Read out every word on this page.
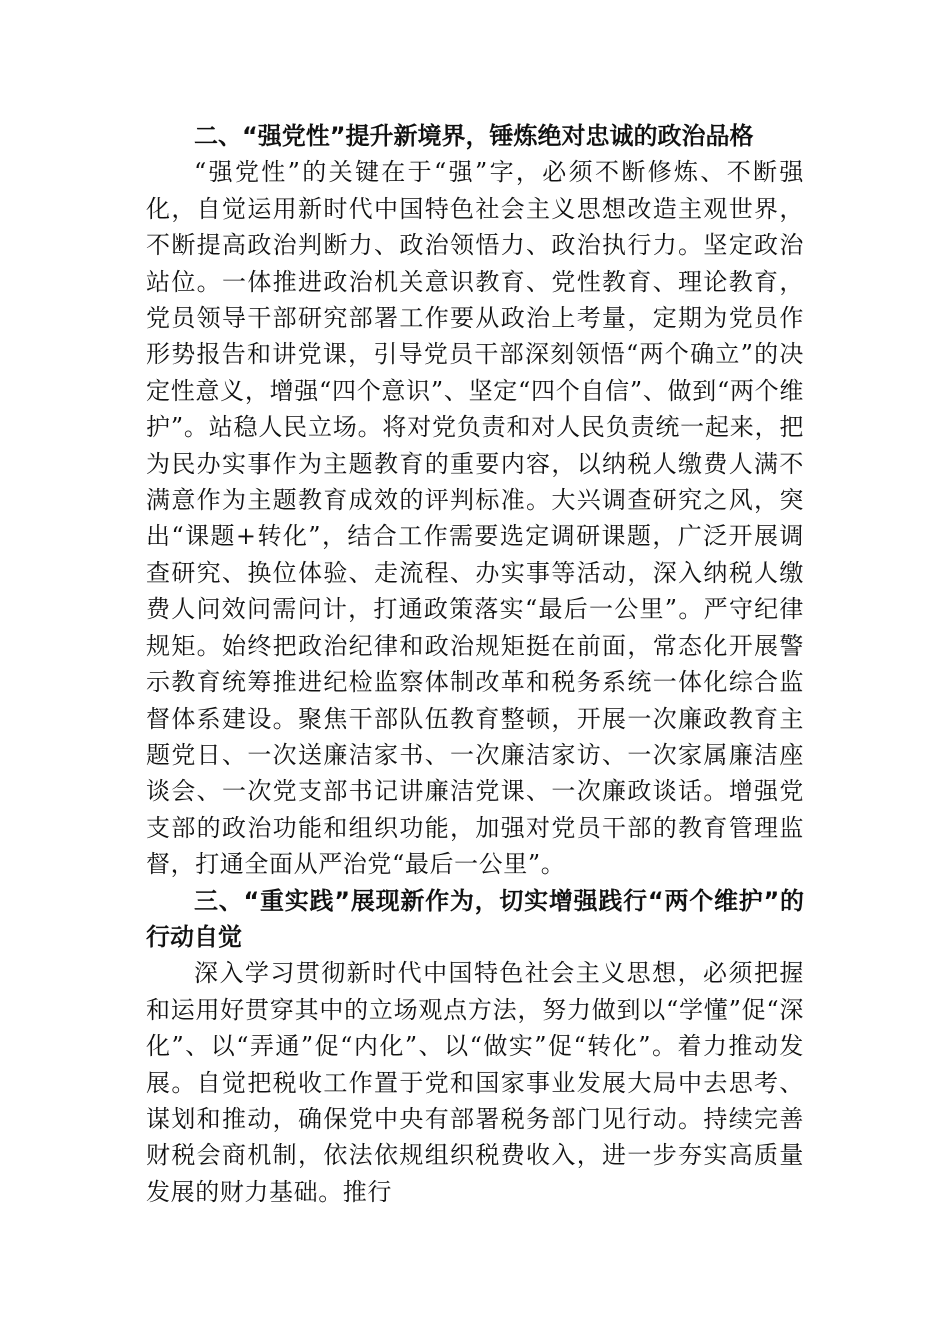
二、“强党性”提升新境界，锤炼绝对忠诚的政治品格

“强党性”的关键在于“强”字，必须不断修炼、不断强化，自觉运用新时代中国特色社会主义思想改造主观世界，不断提高政治判断力、政治领悟力、政治执行力。坚定政治站位。一体推进政治机关意识教育、党性教育、理论教育，党员领导干部研究部署工作要从政治上考量，定期为党员作形势报告和讲党课，引导党员干部深刻领悟“两个确立”的决定性意义，增强“四个意识”、坚定“四个自信”、做到“两个维护”。站稳人民立场。将对党负责和对人民负责统一起来，把为民办实事作为主题教育的重要内容，以纳税人缴费人满不满意作为主题教育成效的评判标准。大兴调查研究之风，突出“课题+转化”，结合工作需要选定调研课题，广泛开展调查研究、换位体验、走流程、办实事等活动，深入纳税人缴费人问效问需问计，打通政策落实“最后一公里”。严守纪律规矩。始终把政治纪律和政治规矩挺在前面，常态化开展警示教育统筹推进纪检监察体制改革和税务系统一体化综合监督体系建设。聚焦干部队伍教育整顿，开展一次廉政教育主题党日、一次送廉洁家书、一次廉洁家访、一次家属廉洁座谈会、一次党支部书记讲廉洁党课、一次廉政谈话。增强党支部的政治功能和组织功能，加强对党员干部的教育管理监督，打通全面从严治党“最后一公里”。

三、“重实践”展现新作为，切实增强践行“两个维护”的行动自觉

深入学习贯彻新时代中国特色社会主义思想，必须把握和运用好贯穿其中的立场观点方法，努力做到以“学懂”促“深化”、以“弄通”促“内化”、以“做实”促“转化”。着力推动发展。自觉把税收工作置于党和国家事业发展大局中去思考、谋划和推动，确保党中央有部署税务部门见行动。持续完善财税会商机制，依法依规组织税费收入，进一步夯实高质量发展的财力基础。推行
